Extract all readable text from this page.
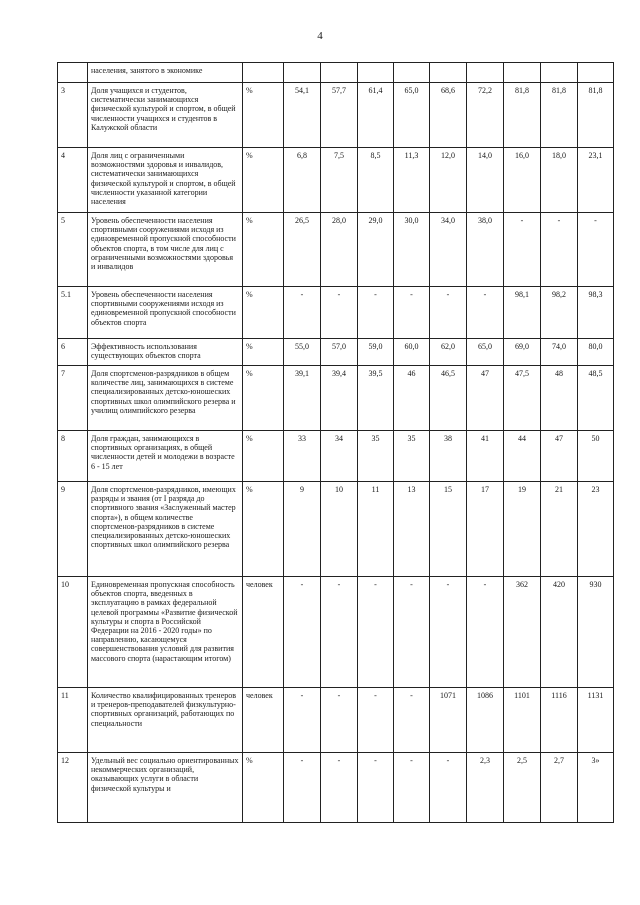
4
	населения, занятого в экономике										
3	Доля учащихся и студентов, систематически занимающихся физической культурой и спортом, в общей численности учащихся и студентов в Калужской области	%	54,1	57,7	61,4	65,0	68,6	72,2	81,8	81,8	81,8
4	Доля лиц с ограниченными возможностями здоровья и инвалидов, систематически занимающихся физической культурой и спортом, в общей численности указанной категории населения	%	6,8	7,5	8,5	11,3	12,0	14,0	16,0	18,0	23,1
5	Уровень обеспеченности населения спортивными сооружениями исходя из единовременной пропускной способности объектов спорта, в том числе для лиц с ограниченными возможностями здоровья и инвалидов	%	26,5	28,0	29,0	30,0	34,0	38,0	-	-	-
5.1	Уровень обеспеченности населения спортивными сооружениями исходя из единовременной пропускной способности объектов спорта	%	-	-	-	-	-	-	98,1	98,2	98,3
6	Эффективность использования существующих объектов спорта	%	55,0	57,0	59,0	60,0	62,0	65,0	69,0	74,0	80,0
7	Доля спортсменов-разрядников в общем количестве лиц, занимающихся в системе специализированных детско-юношеских спортивных школ олимпийского резерва и училищ олимпийского резерва	%	39,1	39,4	39,5	46	46,5	47	47,5	48	48,5
8	Доля граждан, занимающихся в спортивных организациях, в общей численности детей и молодежи в возрасте 6 - 15 лет	%	33	34	35	35	38	41	44	47	50
9	Доля спортсменов-разрядников, имеющих разряды и звания (от I разряда до спортивного звания «Заслуженный мастер спорта»), в общем количестве спортсменов-разрядников в системе специализированных детско-юношеских спортивных школ олимпийского резерва	%	9	10	11	13	15	17	19	21	23
10	Единовременная пропускная способность объектов спорта, введенных в эксплуатацию в рамках федеральной целевой программы «Развитие физической культуры и спорта в Российской Федерации на 2016 - 2020 годы» по направлению, касающемуся совершенствования условий для развития массового спорта (нарастающим итогом)	человек	-	-	-	-	-	-	362	420	930
11	Количество квалифицированных тренеров и тренеров-преподавателей физкультурно-спортивных организаций, работающих по специальности	человек	-	-	-	-	1071	1086	1101	1116	1131
12	Удельный вес социально ориентированных некоммерческих организаций, оказывающих услуги в области физической культуры и	%	-	-	-	-	-	2,3	2,5	2,7	3»
